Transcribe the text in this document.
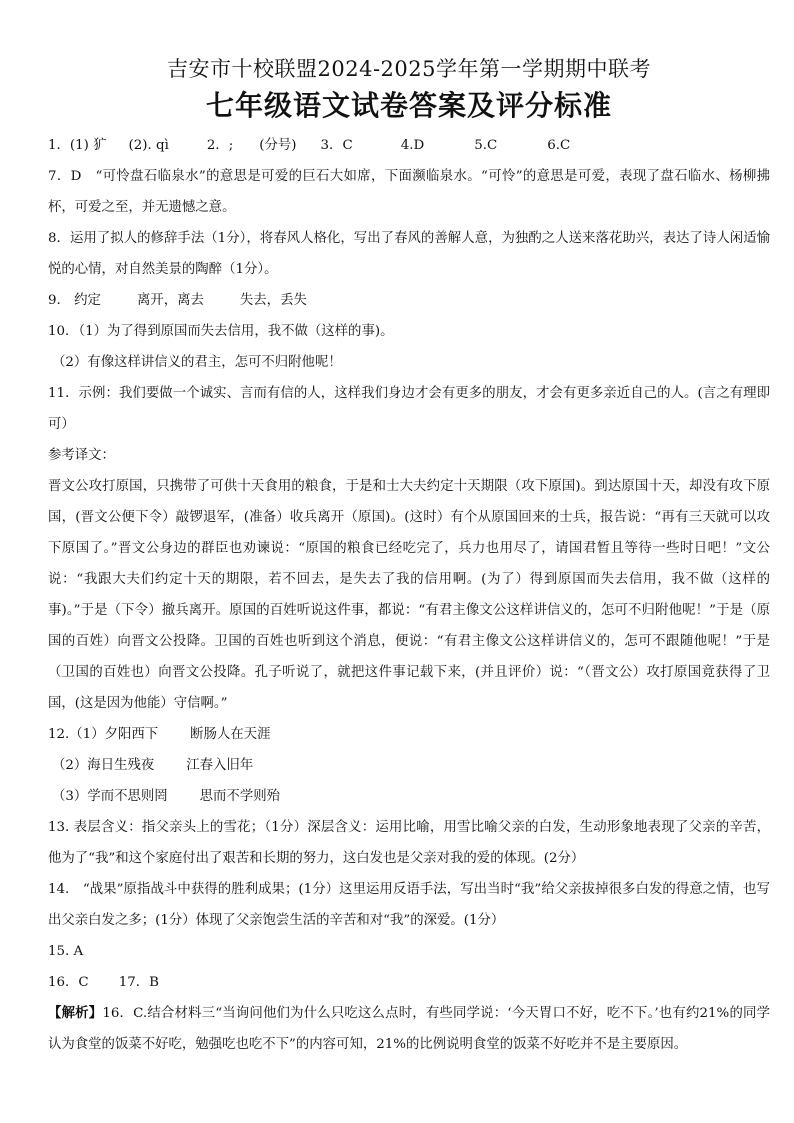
吉安市十校联盟2024-2025学年第一学期期中联考
七年级语文试卷答案及评分标准
1．(1) 犷 (2). qì	2．; (分号) 3．C	4.D	5.C	6.C

7．D　“可怜盘石临泉水”的意思是可爱的巨石大如席，下面濒临泉水。“可怜”的意思是可爱，表现了盘石临水、杨柳拂杯，可爱之至，并无遗憾之意。

8．运用了拟人的修辞手法（1分），将春风人格化，写出了春风的善解人意，为独酌之人送来落花助兴，表达了诗人闲适愉悦的心情，对自然美景的陶醉（1分）。

9.　约定	离开，离去	失去，丢失

10．（1）为了得到原国而失去信用，我不做（这样的事)。

（2）有像这样讲信义的君主，怎可不归附他呢！

11．示例：我们要做一个诚实、言而有信的人，这样我们身边才会有更多的朋友，才会有更多亲近自己的人。(言之有理即可）

参考译文：

晋文公攻打原国，只携带了可供十天食用的粮食，于是和士大夫约定十天期限（攻下原国)。到达原国十天，却没有攻下原国，(晋文公便下令）敲锣退军，(准备）收兵离开（原国)。(这时）有个从原国回来的士兵，报告说：“再有三天就可以攻下原国了。”晋文公身边的群臣也劝谏说：“原国的粮食已经吃完了，兵力也用尽了，请国君暂且等待一些时日吧！”文公说：“我跟大夫们约定十天的期限，若不回去，是失去了我的信用啊。(为了）得到原国而失去信用，我不做（这样的事)。”于是（下令）撤兵离开。原国的百姓听说这件事，都说：“有君主像文公这样讲信义的，怎可不归附他呢！”于是（原国的百姓）向晋文公投降。卫国的百姓也听到这个消息，便说：“有君主像文公这样讲信义的，怎可不跟随他呢！”于是（卫国的百姓也）向晋文公投降。孔子听说了，就把这件事记载下来，(并且评价）说：“（晋文公）攻打原国竟获得了卫国，(这是因为他能）守信啊。”

12.（1）夕阳西下 断肠人在天涯
（2）海日生残夜 江春入旧年
（3）学而不思则罔 思而不学则殆

13. 表层含义：指父亲头上的雪花；（1分）深层含义：运用比喻，用雪比喻父亲的白发，生动形象地表现了父亲的辛苦，他为了“我”和这个家庭付出了艰苦和长期的努力，这白发也是父亲对我的爱的体现。(2分）

14.　“战果”原指战斗中获得的胜利成果；(1分）这里运用反语手法，写出当时“我”给父亲拔掉很多白发的得意之情，也写出父亲白发之多；(1分）体现了父亲饱尝生活的辛苦和对“我”的深爱。(1分）

15. A

16．C 17．B

【解析】16．C.结合材料三“当询问他们为什么只吃这么点时，有些同学说：‘今天胃口不好，吃不下。’也有约21%的同学认为食堂的饭菜不好吃，勉强吃也吃不下”的内容可知，21%的比例说明食堂的饭菜不好吃并不是主要原因。
